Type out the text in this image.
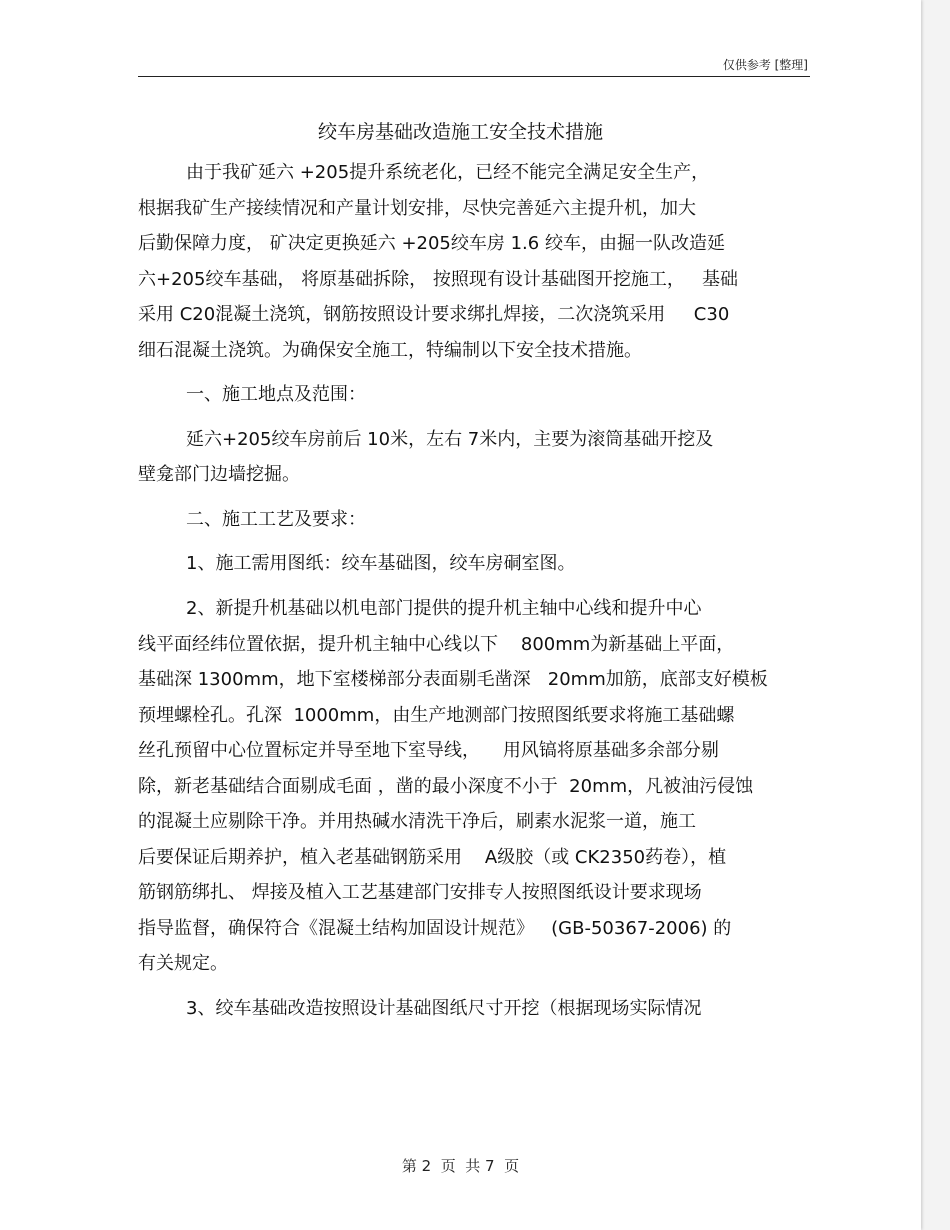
仅供参考 [整理]
绞车房基础改造施工安全技术措施
由于我矿延六 +205提升系统老化，已经不能完全满足安全生产，
根据我矿生产接续情况和产量计划安排，尽快完善延六主提升机，加大
后勤保障力度， 矿决定更换延六 +205绞车房 1.6 绞车，由掘一队改造延
六+205绞车基础， 将原基础拆除， 按照现有设计基础图开挖施工，   基础
采用 C20混凝土浇筑，钢筋按照设计要求绑扎焊接，二次浇筑采用     C30
细石混凝土浇筑。为确保安全施工，特编制以下安全技术措施。
一、施工地点及范围：
延六+205绞车房前后 10米，左右 7米内，主要为滚筒基础开挖及
壁龛部门边墙挖掘。
二、施工工艺及要求：
1、施工需用图纸：绞车基础图，绞车房硐室图。
2、新提升机基础以机电部门提供的提升机主轴中心线和提升中心
线平面经纬位置依据，提升机主轴中心线以下    800mm为新基础上平面，
基础深 1300mm，地下室楼梯部分表面剔毛凿深   20mm加筋，底部支好模板
预埋螺栓孔。孔深  1000mm，由生产地测部门按照图纸要求将施工基础螺
丝孔预留中心位置标定并导至地下室导线，    用风镐将原基础多余部分剔
除，新老基础结合面剔成毛面 ，凿的最小深度不小于  20mm，凡被油污侵蚀
的混凝土应剔除干净。并用热碱水清洗干净后，刷素水泥浆一道，施工
后要保证后期养护，植入老基础钢筋采用    A级胶（或 CK2350药卷），植
筋钢筋绑扎、 焊接及植入工艺基建部门安排专人按照图纸设计要求现场
指导监督，确保符合《混凝土结构加固设计规范》   (GB-50367-2006) 的
有关规定。
3、绞车基础改造按照设计基础图纸尺寸开挖（根据现场实际情况
第 2  页  共 7  页
